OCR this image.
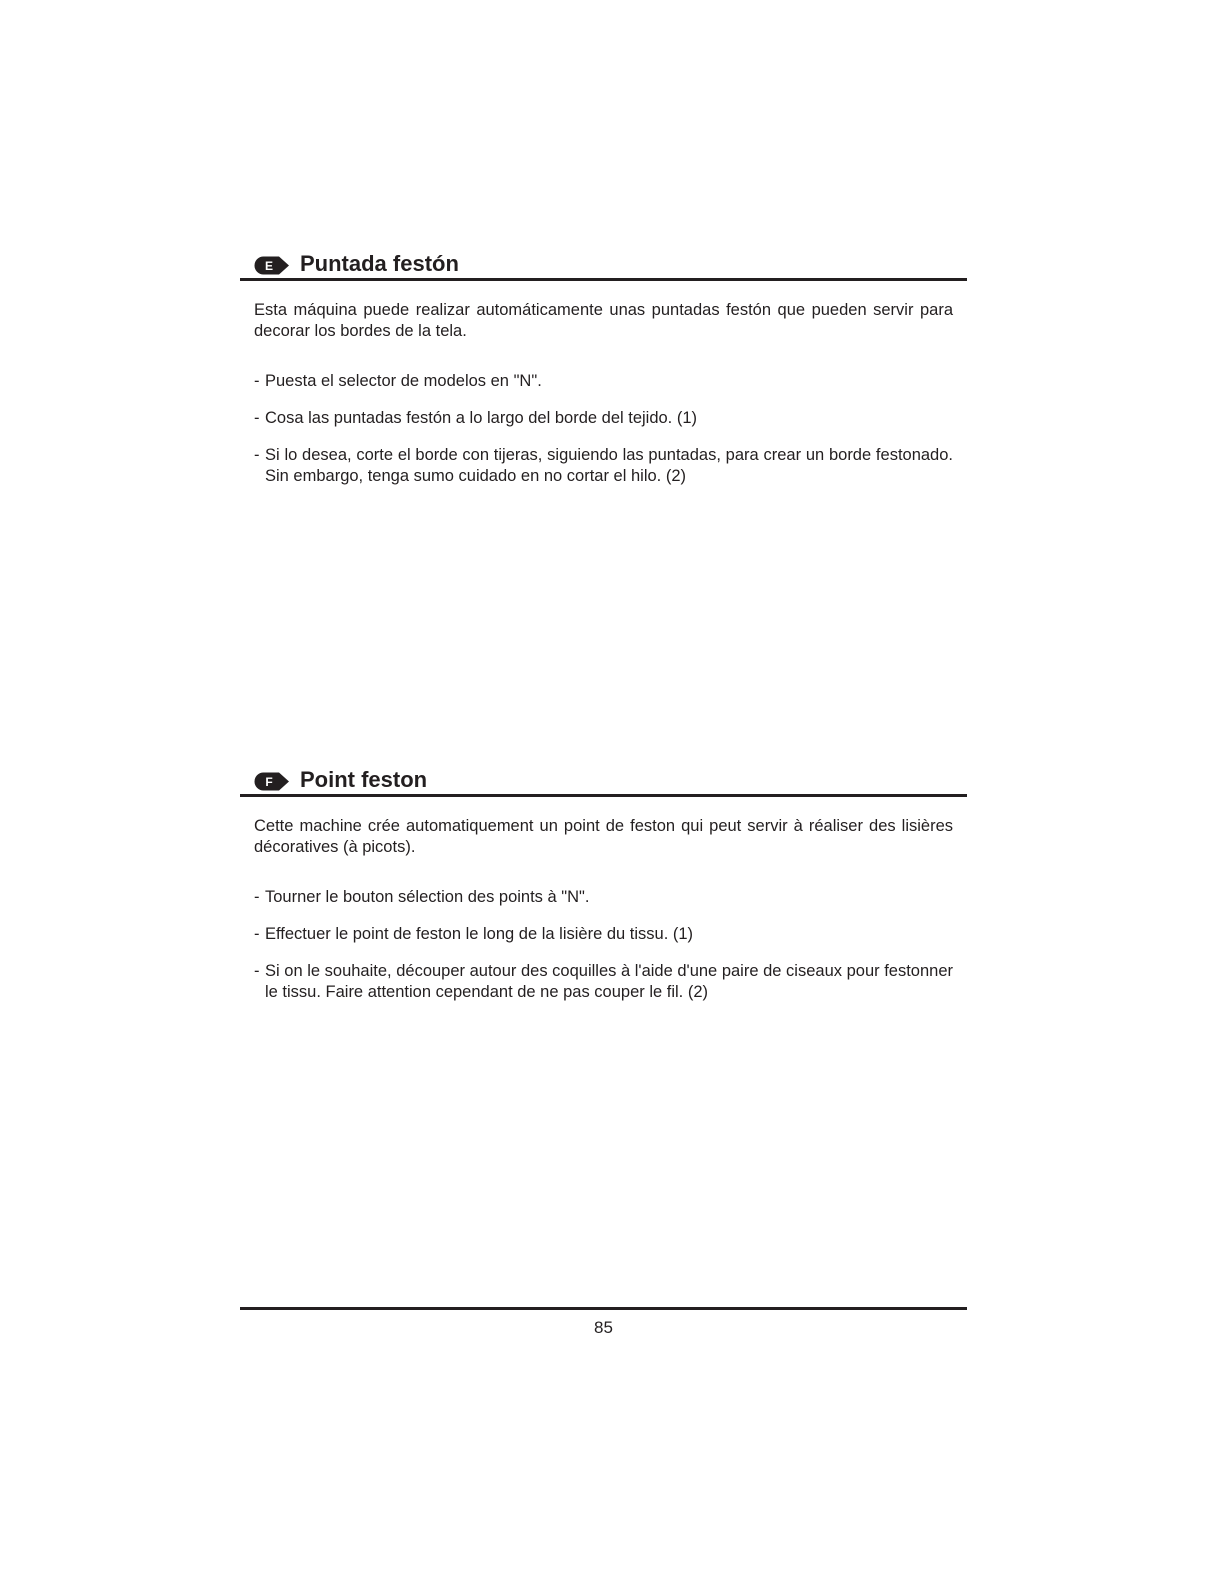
E Puntada festón

Esta máquina puede realizar automáticamente unas puntadas festón que pueden servir para decorar los bordes de la tela.

- Puesta el selector de modelos en "N".
- Cosa las puntadas festón a lo largo del borde del tejido. (1)
- Si lo desea, corte el borde con tijeras, siguiendo las puntadas, para crear un borde festonado. Sin embargo, tenga sumo cuidado en no cortar el hilo. (2)
F Point feston

Cette machine crée automatiquement un point de feston qui peut servir à réaliser des lisières décoratives (à picots).

- Tourner le bouton sélection des points à "N".
- Effectuer le point de feston le long de la lisière du tissu. (1)
- Si on le souhaite, découper autour des coquilles à l'aide d'une paire de ciseaux pour festonner le tissu. Faire attention cependant de ne pas couper le fil. (2)
85
